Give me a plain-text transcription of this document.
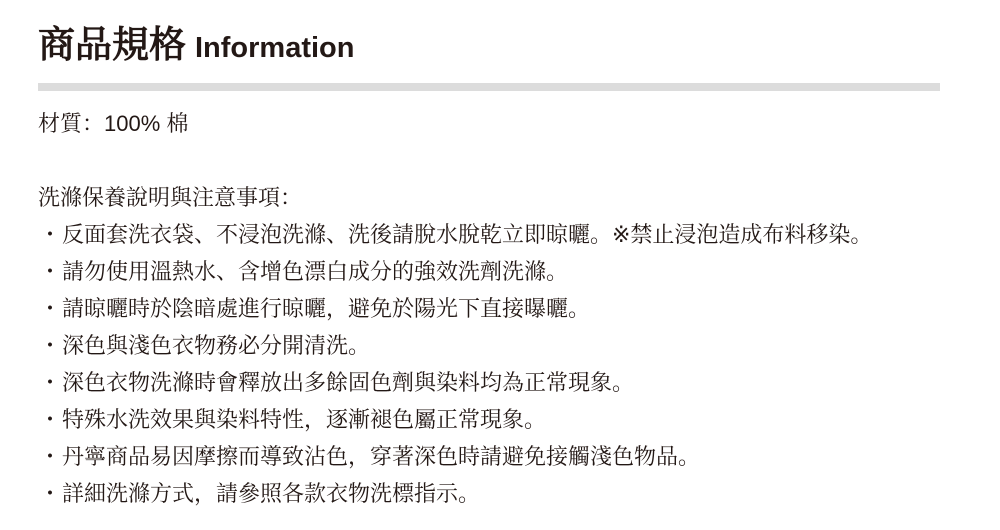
商品規格 Information

材質：100% 棉

洗滌保養說明與注意事項：

・反面套洗衣袋、不浸泡洗滌、洗後請脫水脫乾立即晾曬。※禁止浸泡造成布料移染。

・請勿使用溫熱水、含增色漂白成分的強效洗劑洗滌。

・請晾曬時於陰暗處進行晾曬，避免於陽光下直接曝曬。

・深色與淺色衣物務必分開清洗。

・深色衣物洗滌時會釋放出多餘固色劑與染料均為正常現象。

・特殊水洗效果與染料特性，逐漸褪色屬正常現象。

・丹寧商品易因摩擦而導致沾色，穿著深色時請避免接觸淺色物品。

・詳細洗滌方式，請參照各款衣物洗標指示。
